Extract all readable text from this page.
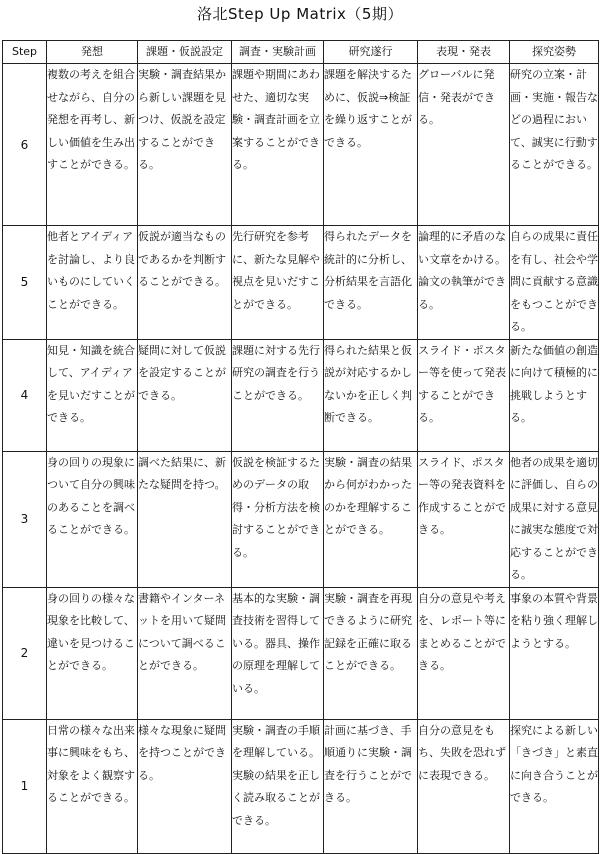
洛北Step Up Matrix（5期）
Step	発想	課題・仮説設定	調査・実験計画	研究遂行	表現・発表	探究姿勢
6	複数の考えを組合せながら、自分の発想を再考し、新しい価値を生み出すことができる。	実験・調査結果から新しい課題を見つけ、仮説を設定することができる。	課題や期間にあわせた、適切な実験・調査計画を立案することができる。	課題を解決するために、仮説⇒検証を繰り返すことができる。	グローバルに発信・発表ができる。	研究の立案・計画・実施・報告などの過程において、誠実に行動することができる。
5	他者とアイディアを討論し、より良いものにしていくことができる。	仮説が適当なものであるかを判断することができる。	先行研究を参考に、新たな見解や視点を見いだすことができる。	得られたデータを統計的に分析し、分析結果を言語化できる。	論理的に矛盾のない文章をかける。論文の執筆ができる。	自らの成果に責任を有し、社会や学問に貢献する意識をもつことができる。
4	知見・知識を統合して、アイディアを見いだすことができる。	疑問に対して仮説を設定することができる。	課題に対する先行研究の調査を行うことができる。	得られた結果と仮説が対応するかしないかを正しく判断できる。	スライド・ポスター等を使って発表することができる。	新たな価値の創造に向けて積極的に挑戦しようとする。
3	身の回りの現象について自分の興味のあることを調べることができる。	調べた結果に、新たな疑問を持つ。	仮説を検証するためのデータの取得・分析方法を検討することができる。	実験・調査の結果から何がわかったのかを理解することができる。	スライド、ポスター等の発表資料を作成することができる。	他者の成果を適切に評価し、自らの成果に対する意見に誠実な態度で対応することができる。
2	身の回りの様々な現象を比較して、違いを見つけることができる。	書籍やインターネットを用いて疑問について調べることができる。	基本的な実験・調査技術を習得している。器具、操作の原理を理解している。	実験・調査を再現できるように研究記録を正確に取ることができる。	自分の意見や考えを、レポート等にまとめることができる。	事象の本質や背景を粘り強く理解しようとする。
1	日常の様々な出来事に興味をもち、対象をよく観察することができる。	様々な現象に疑問を持つことができる。	実験・調査の手順を理解している。実験の結果を正しく読み取ることができる。	計画に基づき、手順通りに実験・調査を行うことができる。	自分の意見をもち、失敗を恐れずに表現できる。	探究による新しい「きづき」と素直に向き合うことができる。
